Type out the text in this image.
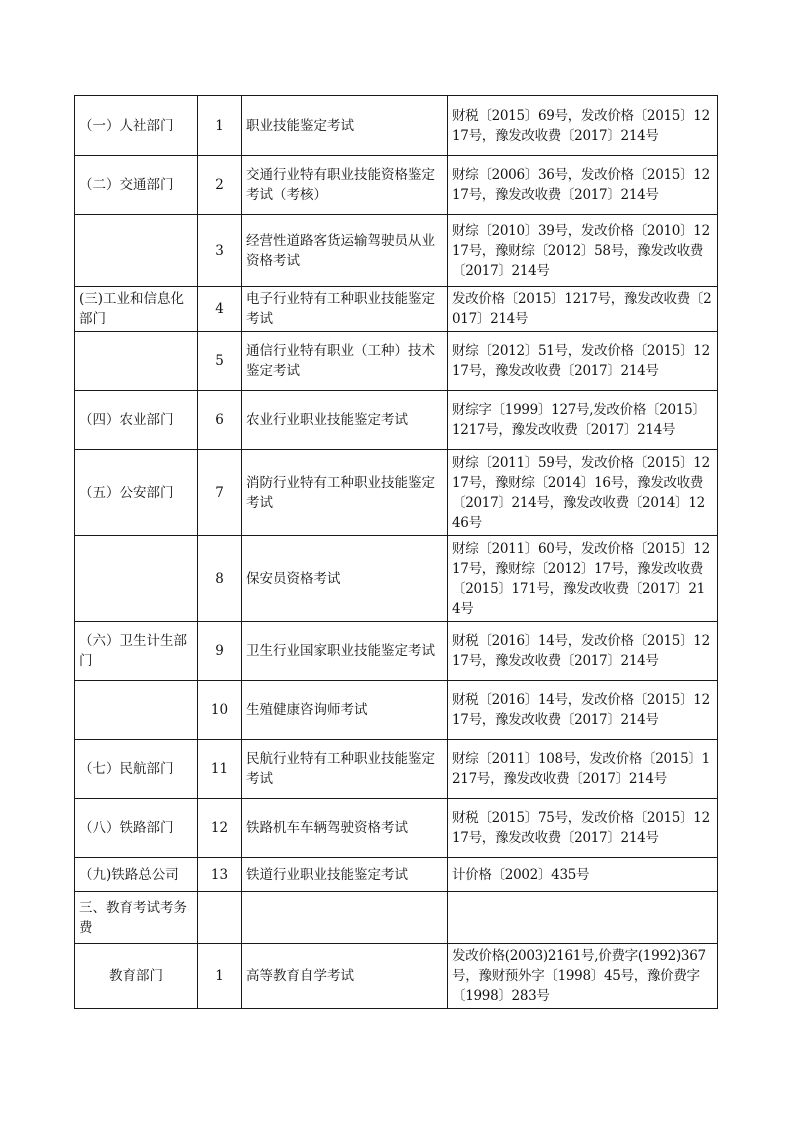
（一）人社部门	1	职业技能鉴定考试	财税〔2015〕69号，发改价格〔2015〕1217号，豫发改收费〔2017〕214号
（二）交通部门	2	交通行业特有职业技能资格鉴定考试（考核）	财综〔2006〕36号，发改价格〔2015〕1217号，豫发改收费〔2017〕214号
	3	经营性道路客货运输驾驶员从业资格考试	财综〔2010〕39号，发改价格〔2010〕1217号，豫财综〔2012〕58号，豫发改收费〔2017〕214号
(三)工业和信息化部门	4	电子行业特有工种职业技能鉴定考试	发改价格〔2015〕1217号，豫发改收费〔2017〕214号
	5	通信行业特有职业（工种）技术鉴定考试	财综〔2012〕51号，发改价格〔2015〕1217号，豫发改收费〔2017〕214号
（四）农业部门	6	农业行业职业技能鉴定考试	财综字〔1999〕127号,发改价格〔2015〕1217号，豫发改收费〔2017〕214号
（五）公安部门	7	消防行业特有工种职业技能鉴定考试	财综〔2011〕59号，发改价格〔2015〕1217号，豫财综〔2014〕16号，豫发改收费〔2017〕214号，豫发改收费〔2014〕1246号
	8	保安员资格考试	财综〔2011〕60号，发改价格〔2015〕1217号，豫财综〔2012〕17号，豫发改收费〔2015〕171号，豫发改收费〔2017〕214号
（六）卫生计生部门	9	卫生行业国家职业技能鉴定考试	财税〔2016〕14号，发改价格〔2015〕1217号，豫发改收费〔2017〕214号
	10	生殖健康咨询师考试	财税〔2016〕14号，发改价格〔2015〕1217号，豫发改收费〔2017〕214号
（七）民航部门	11	民航行业特有工种职业技能鉴定考试	财综〔2011〕108号，发改价格〔2015〕1217号，豫发改收费〔2017〕214号
（八）铁路部门	12	铁路机车车辆驾驶资格考试	财税〔2015〕75号，发改价格〔2015〕1217号，豫发改收费〔2017〕214号
（九)铁路总公司	13	铁道行业职业技能鉴定考试	计价格〔2002〕435号
三、教育考试考务费			
教育部门	1	高等教育自学考试	发改价格(2003)2161号,价费字(1992)367号，豫财预外字〔1998〕45号，豫价费字〔1998〕283号
